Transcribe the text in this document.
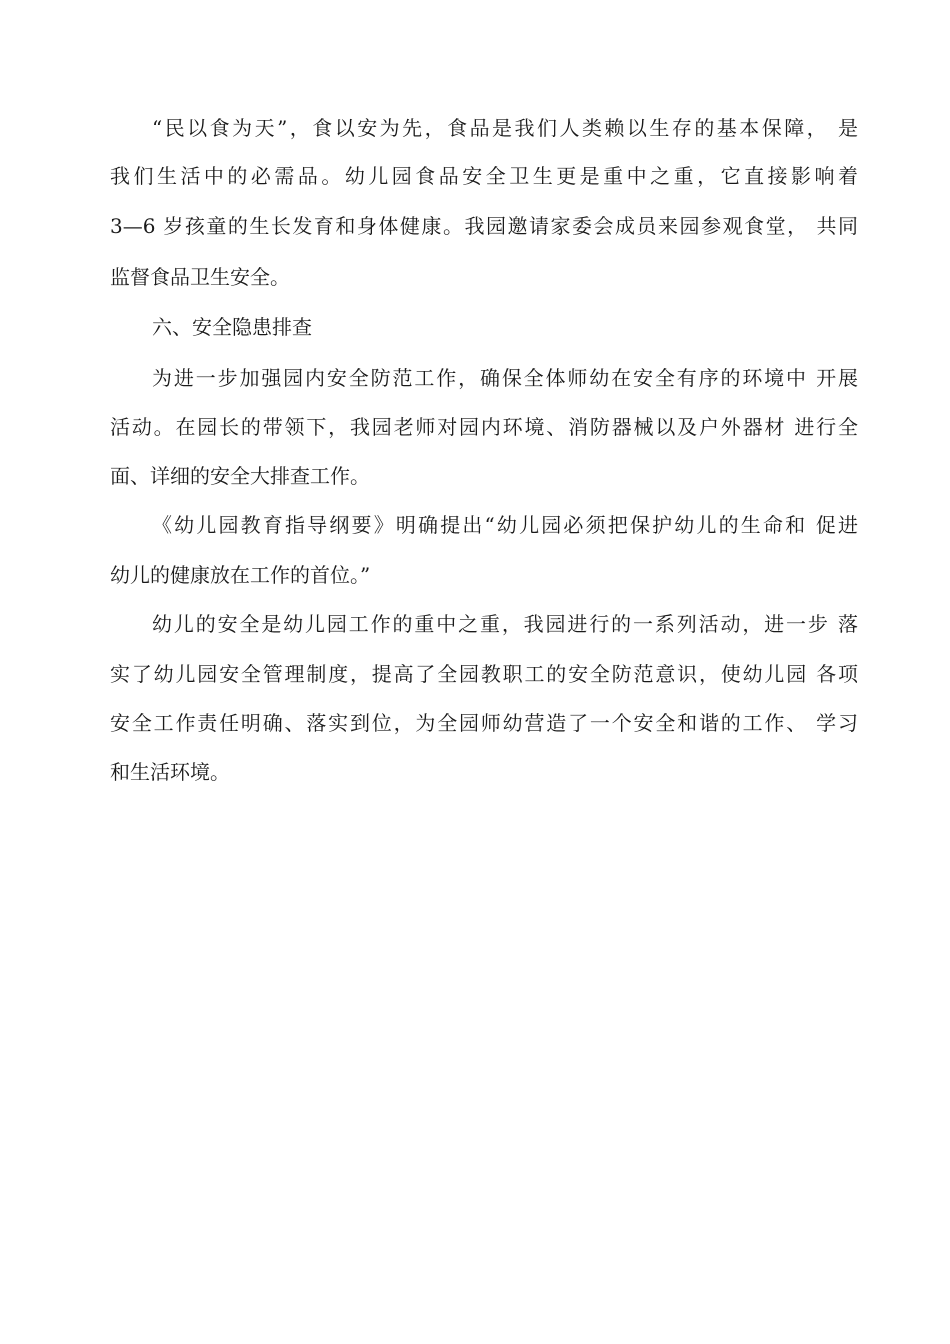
“民以食为天”，食以安为先，食品是我们人类赖以生存的基本保障， 是
我们生活中的必需品。幼儿园食品安全卫生更是重中之重，它直接影响着
3—6 岁孩童的生长发育和身体健康。我园邀请家委会成员来园参观食堂， 共同
监督食品卫生安全。
六、安全隐患排查
为进一步加强园内安全防范工作，确保全体师幼在安全有序的环境中 开展
活动。在园长的带领下，我园老师对园内环境、消防器械以及户外器材 进行全
面、详细的安全大排查工作。
《幼儿园教育指导纲要》明确提出“幼儿园必须把保护幼儿的生命和 促进
幼儿的健康放在工作的首位。”
幼儿的安全是幼儿园工作的重中之重，我园进行的一系列活动，进一步 落
实了幼儿园安全管理制度，提高了全园教职工的安全防范意识，使幼儿园 各项
安全工作责任明确、落实到位，为全园师幼营造了一个安全和谐的工作、 学习
和生活环境。
